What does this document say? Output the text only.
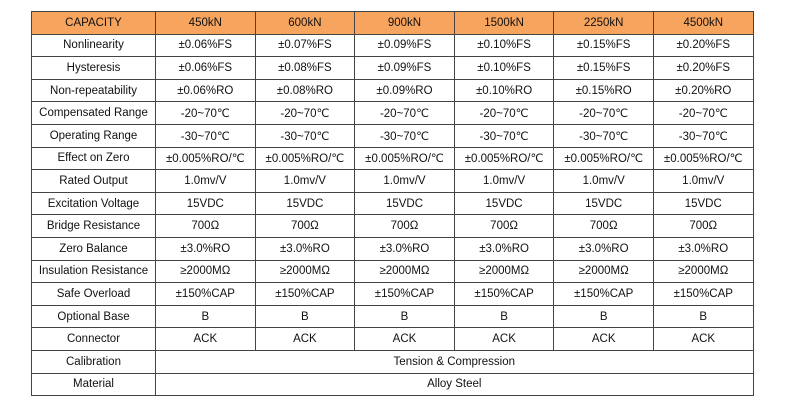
CAPACITY	450kN	600kN	900kN	1500kN	2250kN	4500kN
Nonlinearity	±0.06%FS	±0.07%FS	±0.09%FS	±0.10%FS	±0.15%FS	±0.20%FS
Hysteresis	±0.06%FS	±0.08%FS	±0.09%FS	±0.10%FS	±0.15%FS	±0.20%FS
Non-repeatability	±0.06%RO	±0.08%RO	±0.09%RO	±0.10%RO	±0.15%RO	±0.20%RO
Compensated Range	-20~70℃	-20~70℃	-20~70℃	-20~70℃	-20~70℃	-20~70℃
Operating Range	-30~70℃	-30~70℃	-30~70℃	-30~70℃	-30~70℃	-30~70℃
Effect on Zero	±0.005%RO/℃	±0.005%RO/℃	±0.005%RO/℃	±0.005%RO/℃	±0.005%RO/℃	±0.005%RO/℃
Rated Output	1.0mv/V	1.0mv/V	1.0mv/V	1.0mv/V	1.0mv/V	1.0mv/V
Excitation Voltage	15VDC	15VDC	15VDC	15VDC	15VDC	15VDC
Bridge Resistance	700Ω	700Ω	700Ω	700Ω	700Ω	700Ω
Zero Balance	±3.0%RO	±3.0%RO	±3.0%RO	±3.0%RO	±3.0%RO	±3.0%RO
Insulation Resistance	≥2000MΩ	≥2000MΩ	≥2000MΩ	≥2000MΩ	≥2000MΩ	≥2000MΩ
Safe Overload	±150%CAP	±150%CAP	±150%CAP	±150%CAP	±150%CAP	±150%CAP
Optional Base	B	B	B	B	B	B
Connector	ACK	ACK	ACK	ACK	ACK	ACK
Calibration	Tension & Compression					
Material	Alloy Steel					
